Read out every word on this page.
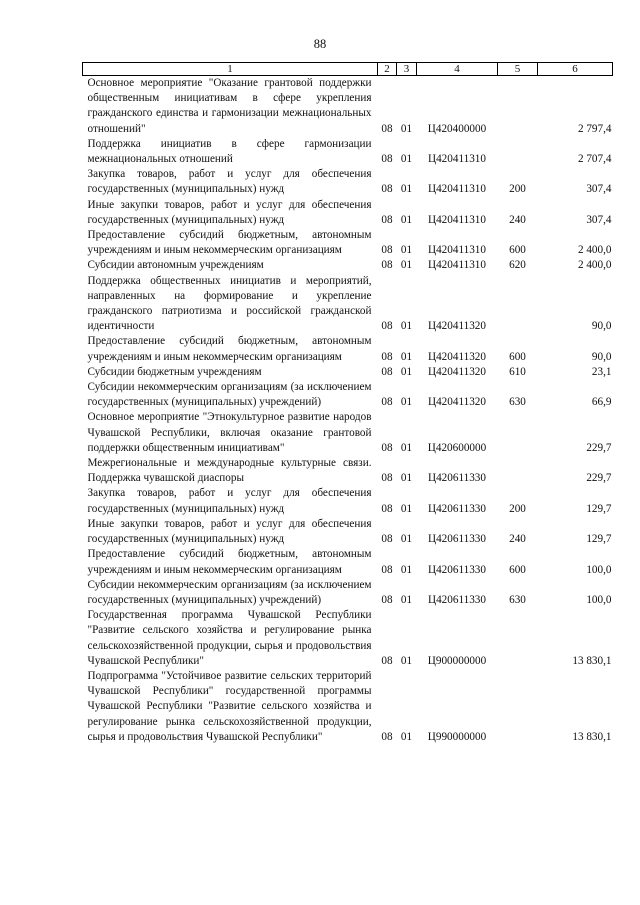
88
1	2	3	4	5	6
Основное мероприятие "Оказание грантовой поддержки общественным инициативам в сфере укрепления гражданского единства и гармонизации межнациональных отношений"	08	01	Ц420400000		2 797,4
Поддержка инициатив в сфере гармонизации межнациональных отношений	08	01	Ц420411310		2 707,4
Закупка товаров, работ и услуг для обеспечения государственных (муниципальных) нужд	08	01	Ц420411310	200	307,4
Иные закупки товаров, работ и услуг для обеспечения государственных (муниципальных) нужд	08	01	Ц420411310	240	307,4
Предоставление субсидий бюджетным, автономным учреждениям и иным некоммерческим организациям	08	01	Ц420411310	600	2 400,0
Субсидии автономным учреждениям	08	01	Ц420411310	620	2 400,0
Поддержка общественных инициатив и мероприятий, направленных на формирование и укрепление гражданского патриотизма и российской гражданской идентичности	08	01	Ц420411320		90,0
Предоставление субсидий бюджетным, автономным учреждениям и иным некоммерческим организациям	08	01	Ц420411320	600	90,0
Субсидии бюджетным учреждениям	08	01	Ц420411320	610	23,1
Субсидии некоммерческим организациям (за исключением государственных (муниципальных) учреждений)	08	01	Ц420411320	630	66,9
Основное мероприятие "Этнокультурное развитие народов Чувашской Республики, включая оказание грантовой поддержки общественным инициативам"	08	01	Ц420600000		229,7
Межрегиональные и международные культурные связи. Поддержка чувашской диаспоры	08	01	Ц420611330		229,7
Закупка товаров, работ и услуг для обеспечения государственных (муниципальных) нужд	08	01	Ц420611330	200	129,7
Иные закупки товаров, работ и услуг для обеспечения государственных (муниципальных) нужд	08	01	Ц420611330	240	129,7
Предоставление субсидий бюджетным, автономным учреждениям и иным некоммерческим организациям	08	01	Ц420611330	600	100,0
Субсидии некоммерческим организациям (за исключением государственных (муниципальных) учреждений)	08	01	Ц420611330	630	100,0
Государственная программа Чувашской Республики "Развитие сельского хозяйства и регулирование рынка сельскохозяйственной продукции, сырья и продовольствия Чувашской Республики"	08	01	Ц900000000		13 830,1
Подпрограмма "Устойчивое развитие сельских территорий Чувашской Республики" государственной программы Чувашской Республики "Развитие сельского хозяйства и регулирование рынка сельскохозяйственной продукции, сырья и продовольствия Чувашской Республики"	08	01	Ц990000000		13 830,1
